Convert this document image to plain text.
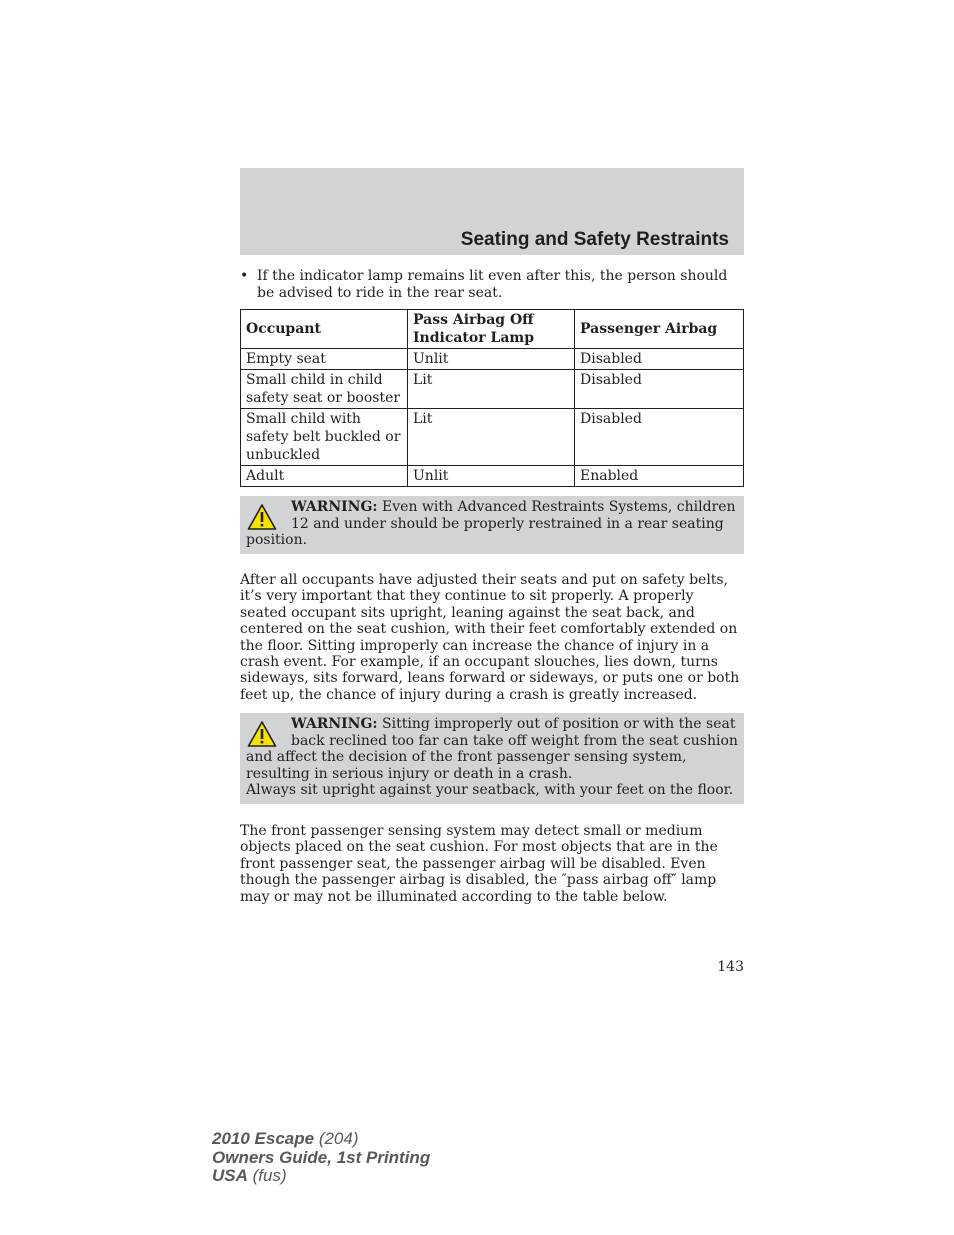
Seating and Safety Restraints
• If the indicator lamp remains lit even after this, the person should be advised to ride in the rear seat.
Occupant	Pass Airbag Off Indicator Lamp	Passenger Airbag
Empty seat	Unlit	Disabled
Small child in child safety seat or booster	Lit	Disabled
Small child with safety belt buckled or unbuckled	Lit	Disabled
Adult	Unlit	Enabled
WARNING: Even with Advanced Restraints Systems, children 12 and under should be properly restrained in a rear seating position.
After all occupants have adjusted their seats and put on safety belts, it’s very important that they continue to sit properly. A properly seated occupant sits upright, leaning against the seat back, and centered on the seat cushion, with their feet comfortably extended on the floor. Sitting improperly can increase the chance of injury in a crash event. For example, if an occupant slouches, lies down, turns sideways, sits forward, leans forward or sideways, or puts one or both feet up, the chance of injury during a crash is greatly increased.
WARNING: Sitting improperly out of position or with the seat back reclined too far can take off weight from the seat cushion and affect the decision of the front passenger sensing system, resulting in serious injury or death in a crash.
Always sit upright against your seatback, with your feet on the floor.
The front passenger sensing system may detect small or medium objects placed on the seat cushion. For most objects that are in the front passenger seat, the passenger airbag will be disabled. Even though the passenger airbag is disabled, the ″pass airbag off″ lamp may or may not be illuminated according to the table below.
143
2010 Escape (204)
Owners Guide, 1st Printing
USA (fus)
